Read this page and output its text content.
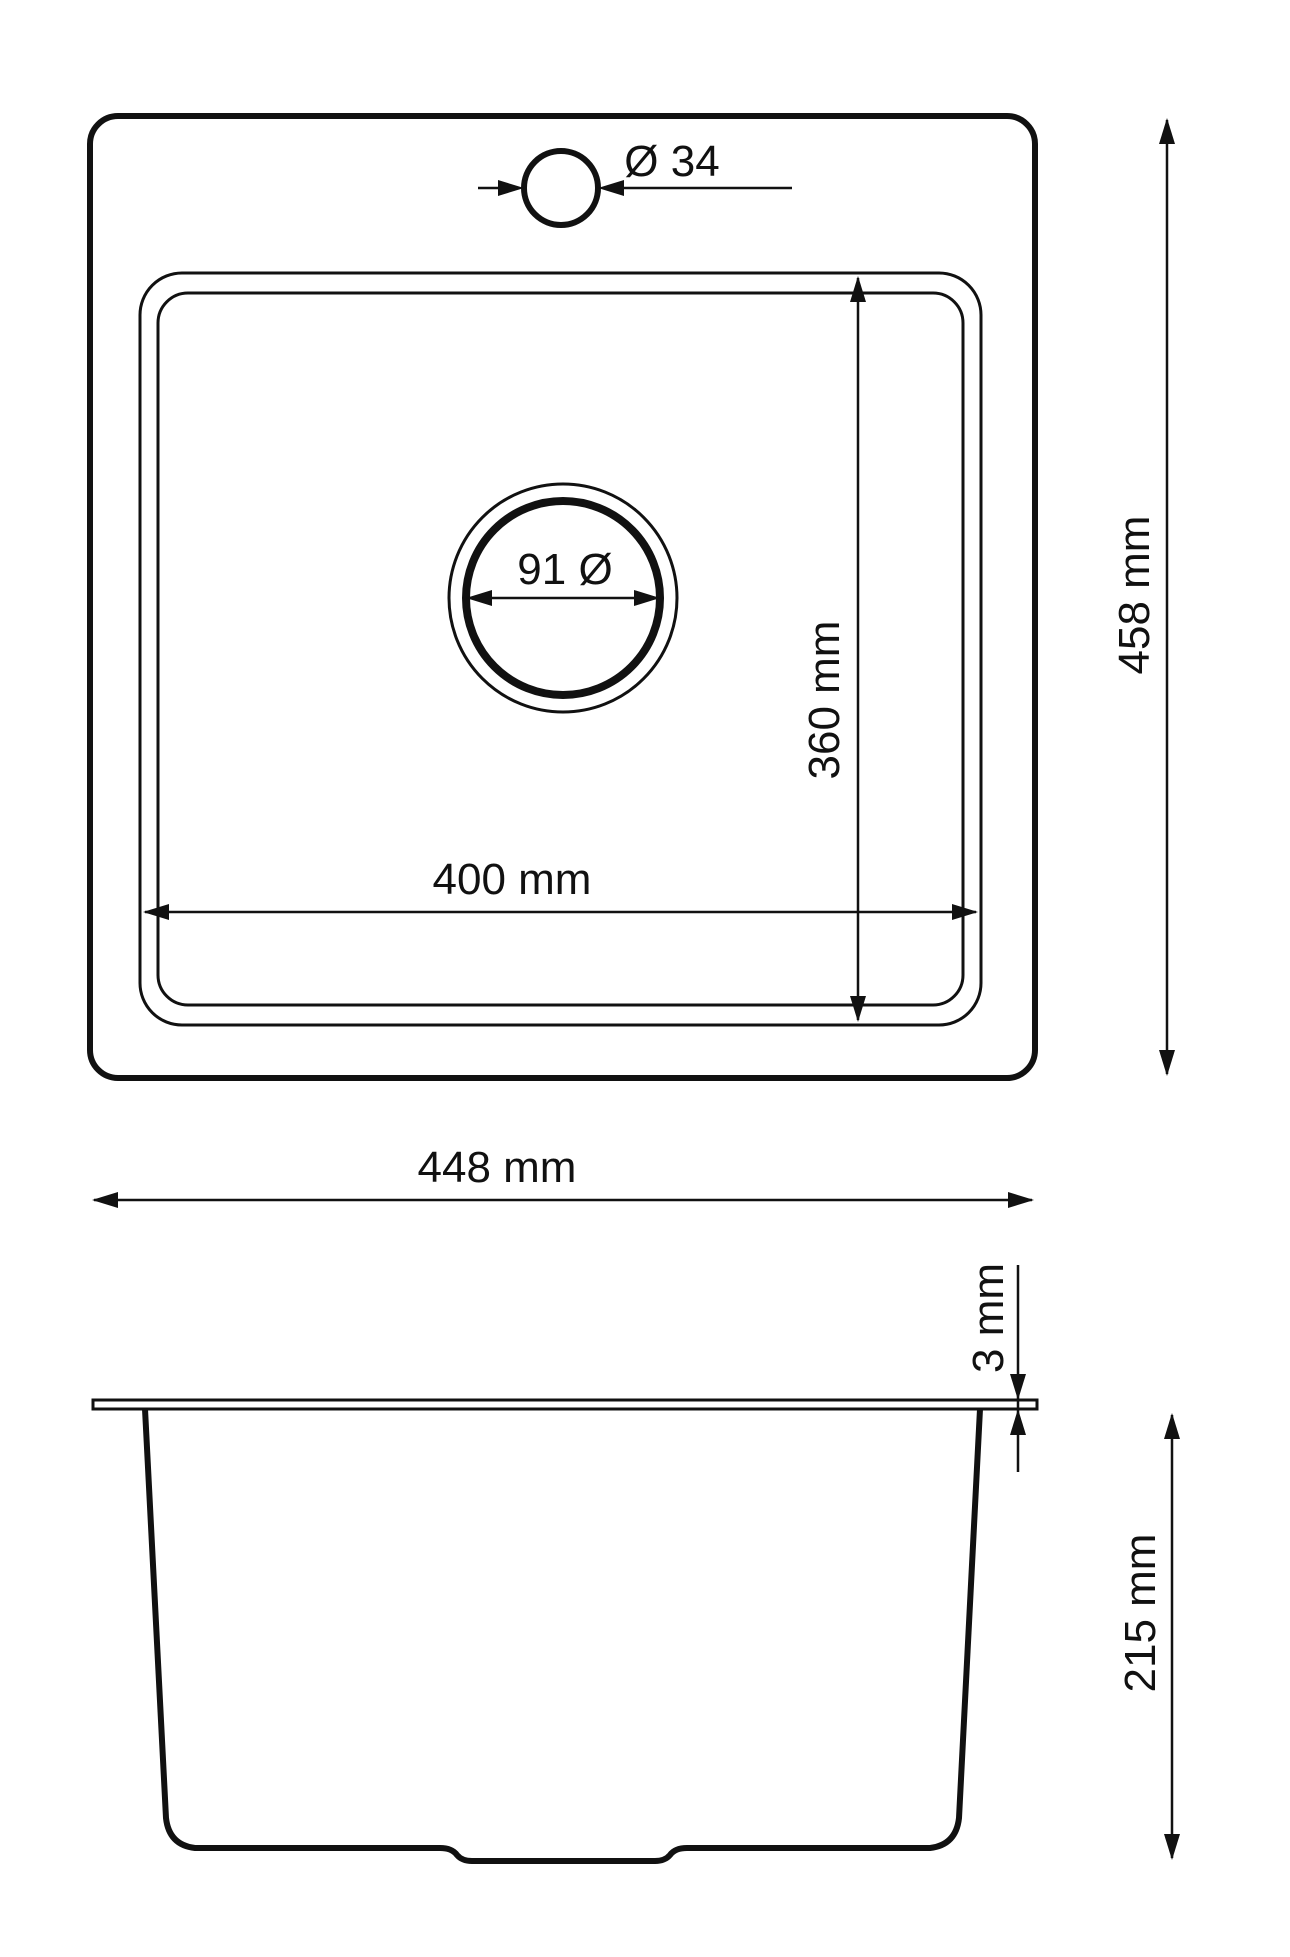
Ø 34
91 Ø
360 mm
400 mm
458 mm
448 mm
3 mm
215 mm
